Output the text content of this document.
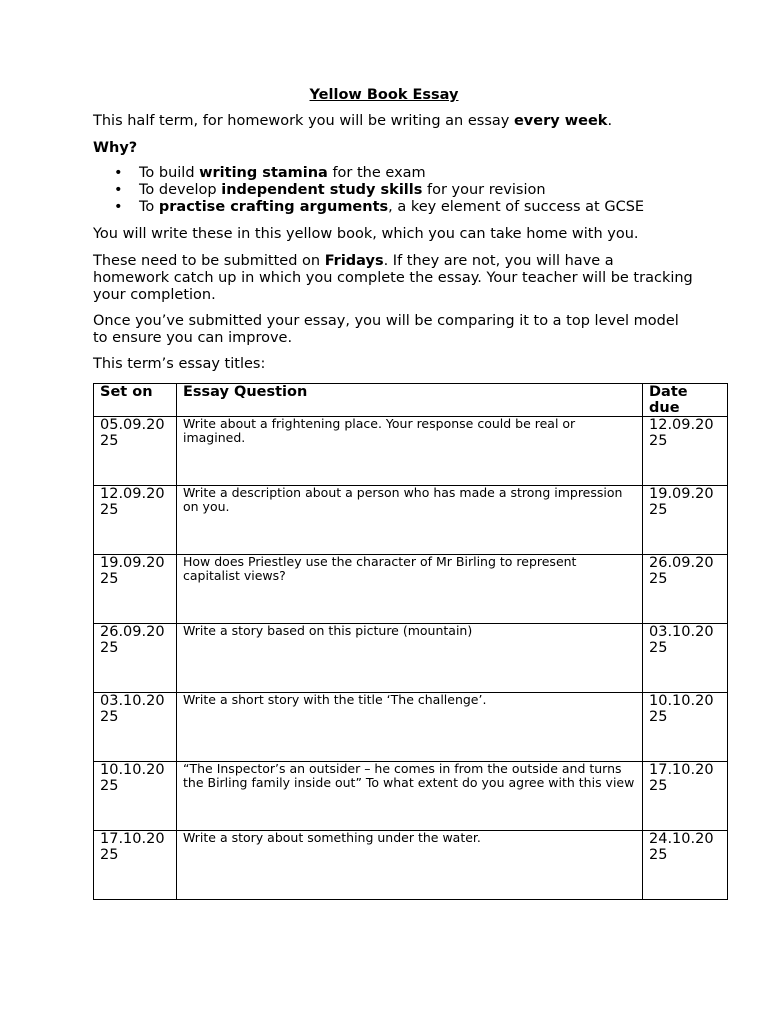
Yellow Book Essay

This half term, for homework you will be writing an essay every week.

Why?

• To build writing stamina for the exam
• To develop independent study skills for your revision
• To practise crafting arguments, a key element of success at GCSE

You will write these in this yellow book, which you can take home with you.

These need to be submitted on Fridays. If they are not, you will have a homework catch up in which you complete the essay. Your teacher will be tracking your completion.

Once you’ve submitted your essay, you will be comparing it to a top level model to ensure you can improve.

This term’s essay titles:

Set on	Essay Question	Date due
05.09.2025	Write about a frightening place. Your response could be real or imagined.	12.09.2025
12.09.2025	Write a description about a person who has made a strong impression on you.	19.09.2025
19.09.2025	How does Priestley use the character of Mr Birling to represent capitalist views?	26.09.2025
26.09.2025	Write a story based on this picture (mountain)	03.10.2025
03.10.2025	Write a short story with the title ‘The challenge’.	10.10.2025
10.10.2025	“The Inspector’s an outsider – he comes in from the outside and turns the Birling family inside out” To what extent do you agree with this view	17.10.2025
17.10.2025	Write a story about something under the water.	24.10.2025
